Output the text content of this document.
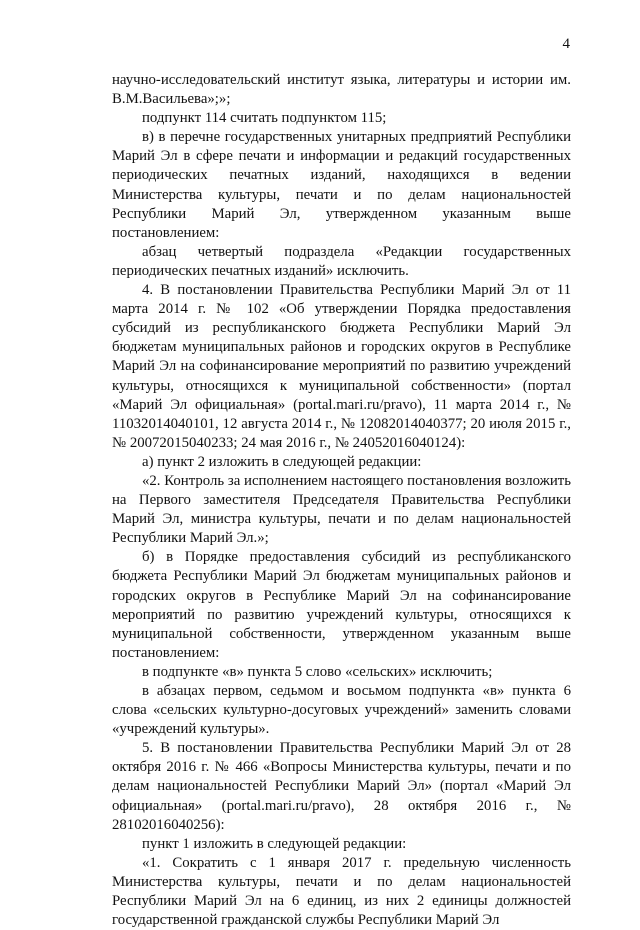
4

научно-исследовательский институт языка, литературы и истории им. В.М.Васильева»;»;

подпункт 114 считать подпунктом 115;

в) в перечне государственных унитарных предприятий Республики Марий Эл в сфере печати и информации и редакций государственных периодических печатных изданий, находящихся в ведении Министерства культуры, печати и по делам национальностей Республики Марий Эл, утвержденном указанным выше постановлением:

абзац четвертый подраздела «Редакции государственных периодических печатных изданий» исключить.

4. В постановлении Правительства Республики Марий Эл от 11 марта 2014 г. № 102 «Об утверждении Порядка предоставления субсидий из республиканского бюджета Республики Марий Эл бюджетам муниципальных районов и городских округов в Республике Марий Эл на софинансирование мероприятий по развитию учреждений культуры, относящихся к муниципальной собственности» (портал «Марий Эл официальная» (portal.mari.ru/pravo), 11 марта 2014 г., № 11032014040101, 12 августа 2014 г., № 12082014040377; 20 июля 2015 г., № 20072015040233; 24 мая 2016 г., № 24052016040124):

а) пункт 2 изложить в следующей редакции:

«2. Контроль за исполнением настоящего постановления возложить на Первого заместителя Председателя Правительства Республики Марий Эл, министра культуры, печати и по делам национальностей Республики Марий Эл.»;

б) в Порядке предоставления субсидий из республиканского бюджета Республики Марий Эл бюджетам муниципальных районов и городских округов в Республике Марий Эл на софинансирование мероприятий по развитию учреждений культуры, относящихся к муниципальной собственности, утвержденном указанным выше постановлением:

в подпункте «в» пункта 5 слово «сельских» исключить;

в абзацах первом, седьмом и восьмом подпункта «в» пункта 6 слова «сельских культурно-досуговых учреждений» заменить словами «учреждений культуры».

5. В постановлении Правительства Республики Марий Эл от 28 октября 2016 г. № 466 «Вопросы Министерства культуры, печати и по делам национальностей Республики Марий Эл» (портал «Марий Эл официальная» (portal.mari.ru/pravo), 28 октября 2016 г., № 28102016040256):

пункт 1 изложить в следующей редакции:

«1. Сократить с 1 января 2017 г. предельную численность Министерства культуры, печати и по делам национальностей Республики Марий Эл на 6 единиц, из них 2 единицы должностей государственной гражданской службы Республики Марий Эл
